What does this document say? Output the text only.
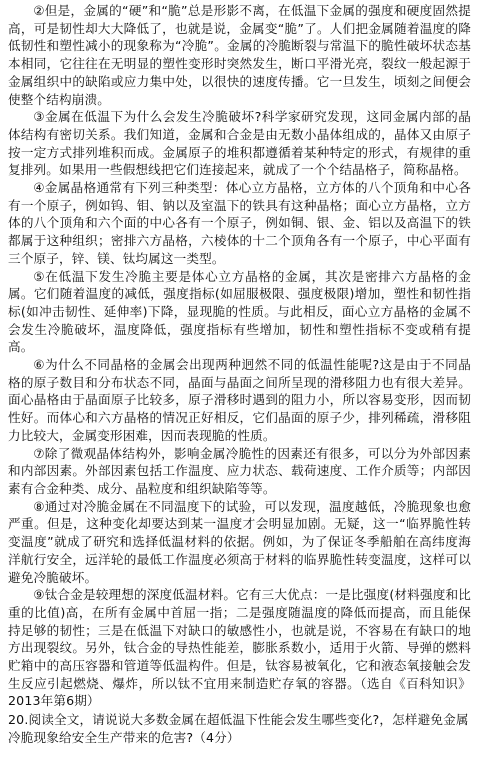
②但是，金属的“硬”和“脆”总是形影不离，在低温下金属的强度和硬度固然提高，可是韧性却大大降低了，也就是说，金属变“脆”了。人们把金属随着温度的降低韧性和塑性减小的现象称为“冷脆”。金属的冷脆断裂与常温下的脆性破坏状态基本相同，它往往在无明显的塑性变形时突然发生，断口平滑光亮，裂纹一般起源于金属组织中的缺陷或应力集中处，以很快的速度传播。它一旦发生，顷刻之间便会使整个结构崩溃。

③金属在低温下为什么会发生冷脆破坏?科学家研究发现，这同金属内部的晶体结构有密切关系。我们知道，金属和合金是由无数小晶体组成的，晶体又由原子按一定方式排列堆积而成。金属原子的堆积都遵循着某种特定的形式，有规律的重复排列。如果用一些假想线把它们连接起来，就成了一个个结晶格子，简称晶格。

④金属晶格通常有下列三种类型：体心立方晶格，立方体的八个顶角和中心各有一个原子，例如钨、钼、钠以及室温下的铁具有这种晶格；面心立方晶格，立方体的八个顶角和六个面的中心各有一个原子，例如铜、银、金、铝以及高温下的铁都属于这种组织；密排六方晶格，六棱体的十二个顶角各有一个原子，中心平面有三个原子，锌、镁、钛均属这一类型。

⑤在低温下发生冷脆主要是体心立方晶格的金属，其次是密排六方晶格的金属。它们随着温度的减低，强度指标(如屈服极限、强度极限)增加，塑性和韧性指标(如冲击韧性、延伸率)下降，显现脆的性质。与此相反，面心立方晶格的金属不会发生冷脆破坏，温度降低，强度指标有些增加，韧性和塑性指标不变或稍有提高。

⑥为什么不同晶格的金属会出现两种迥然不同的低温性能呢?这是由于不同晶格的原子数目和分布状态不同，晶面与晶面之间所呈现的滑移阻力也有很大差异。面心晶格由于晶面原子比较多，原子滑移时遇到的阻力小，所以容易变形，因而韧性好。而体心和六方晶格的情况正好相反，它们晶面的原子少，排列稀疏，滑移阻力比较大，金属变形困难，因而表现脆的性质。

⑦除了微观晶体结构外，影响金属冷脆性的因素还有很多，可以分为外部因素和内部因素。外部因素包括工作温度、应力状态、载荷速度、工作介质等；内部因素有合金种类、成分、晶粒度和组织缺陷等等。

⑧通过对冷脆金属在不同温度下的试验，可以发现，温度越低，冷脆现象也愈严重。但是，这种变化却要达到某一温度才会明显加剧。无疑，这一“临界脆性转变温度”就成了研究和选择低温材料的依据。例如，为了保证冬季船舶在高纬度海洋航行安全，远洋轮的最低工作温度必须高于材料的临界脆性转变温度，这样可以避免冷脆破坏。

⑨钛合金是较理想的深度低温材料。它有三大优点：一是比强度(材料强度和比重的比值)高，在所有金属中首屈一指；二是强度随温度的降低而提高，而且能保持足够的韧性；三是在低温下对缺口的敏感性小，也就是说，不容易在有缺口的地方出现裂纹。另外，钛合金的导热性能差，膨胀系数小，适用于火箭、导弹的燃料贮箱中的高压容器和管道等低温构件。但是，钛容易被氧化，它和液态氧接触会发生反应引起燃烧、爆炸，所以钛不宜用来制造贮存氧的容器。（选自《百科知识》2013年第6期）

20.阅读全文，请说说大多数金属在超低温下性能会发生哪些变化?，怎样避免金属冷脆现象给安全生产带来的危害?（4分）
